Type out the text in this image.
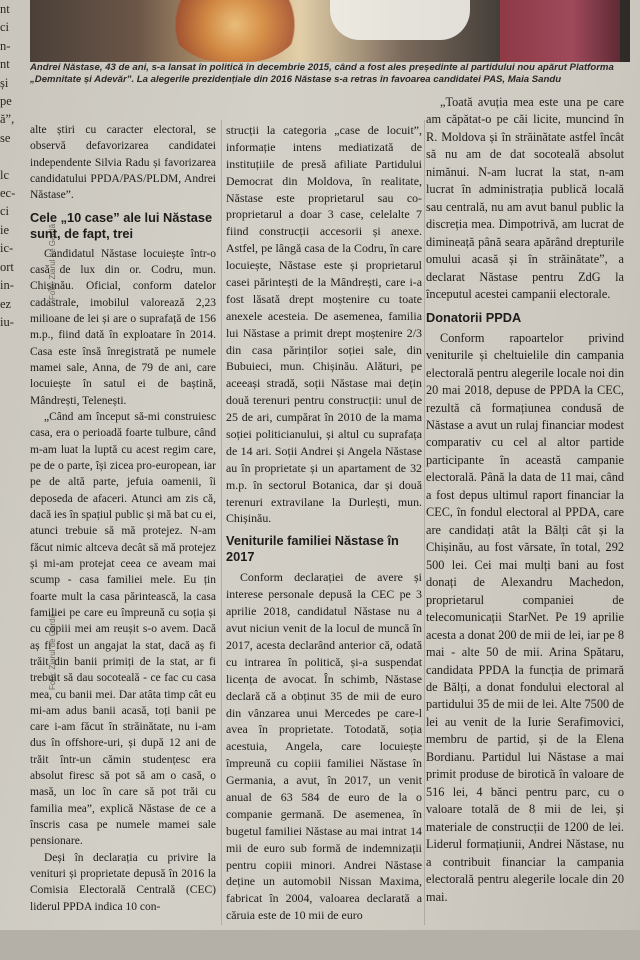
Andrei Năstase, 43 de ani, s-a lansat în politică în decembrie 2015, când a fost ales președinte al partidului nou apărut Platforma „Demnitate și Adevăr”. La alegerile prezidențiale din 2016 Năstase s-a retras în favoarea candidatei PAS, Maia Sandu
nt
ci
n-
nt
și
pe
ă”,
se

lc
ec-
ci
ie
ic-
ort
in-
ez
iu-
Foto: Ziarul de Gardă
Foto: Ziarul de Gardă

alte știri cu caracter electoral, se observă defavorizarea candidatei independente Silvia Radu și favorizarea candidatului PPDA/PAS/PLDM, Andrei Năstase”.

Cele „10 case” ale lui Năstase sunt, de fapt, trei

Candidatul Năstase locuiește într-o casă de lux din or. Codru, mun. Chișinău. Oficial, conform datelor cadastrale, imobilul valorează 2,23 milioane de lei și are o suprafață de 156 m.p., fiind dată în exploatare în 2014. Casa este însă înregistrată pe numele mamei sale, Anna, de 79 de ani, care locuiește în satul ei de baștină, Mândrești, Telenești.

„Când am început să-mi construiesc casa, era o perioadă foarte tulbure, când m-am luat la luptă cu acest regim care, pe de o parte, își zicea pro-european, iar pe de altă parte, jefuia oamenii, îi deposeda de afaceri. Atunci am zis că, dacă ies în spațiul public și mă bat cu ei, atunci trebuie să mă protejez. N-am făcut nimic altceva decât să mă protejez și mi-am protejat ceea ce aveam mai scump - casa familiei mele. Eu țin foarte mult la casa părintească, la casa familiei pe care eu împreună cu soția și cu copiii mei am reușit s-o avem. Dacă aș fi fost un angajat la stat, dacă aș fi trăit din banii primiți de la stat, ar fi trebuit să dau socoteală - ce fac cu casa mea, cu banii mei. Dar atâta timp cât eu mi-am adus banii acasă, toți banii pe care i-am făcut în străinătate, nu i-am dus în offshore-uri, și după 12 ani de trăit într-un cămin studențesc era absolut firesc să pot să am o casă, o masă, un loc în care să pot trăi cu familia mea”, explică Năstase de ce a înscris casa pe numele mamei sale pensionare.

Deși în declarația cu privire la venituri și proprietate depusă în 2016 la Comisia Electorală Centrală (CEC) liderul PPDA indica 10 con-

strucții la categoria „case de locuit”, informație intens mediatizată de instituțiile de presă afiliate Partidului Democrat din Moldova, în realitate, Năstase este proprietarul sau co-proprietarul a doar 3 case, celelalte 7 fiind construcții accesorii și anexe. Astfel, pe lângă casa de la Codru, în care locuiește, Năstase este și proprietarul casei părintești de la Mândrești, care i-a fost lăsată drept moștenire cu toate anexele acesteia. De asemenea, familia lui Năstase a primit drept moștenire 2/3 din casa părinților soției sale, din Bubuieci, mun. Chișinău. Alături, pe aceeași stradă, soții Năstase mai dețin două terenuri pentru construcții: unul de 25 de ari, cumpărat în 2010 de la mama soției politicianului, și altul cu suprafața de 14 ari. Soții Andrei și Angela Năstase au în proprietate și un apartament de 32 m.p. în sectorul Botanica, dar și două terenuri extravilane la Durlești, mun. Chișinău.

Veniturile familiei Năstase în 2017

Conform declarației de avere și interese personale depusă la CEC pe 3 aprilie 2018, candidatul Năstase nu a avut niciun venit de la locul de muncă în 2017, acesta declarând anterior că, odată cu intrarea în politică, și-a suspendat licența de avocat. În schimb, Năstase declară că a obținut 35 de mii de euro din vânzarea unui Mercedes pe care-l avea în proprietate. Totodată, soția acestuia, Angela, care locuiește împreună cu copiii familiei Năstase în Germania, a avut, în 2017, un venit anual de 63 584 de euro de la o companie germană. De asemenea, în bugetul familiei Năstase au mai intrat 14 mii de euro sub formă de indemnizații pentru copiii minori. Andrei Năstase deține un automobil Nissan Maxima, fabricat în 2004, valoarea declarată a căruia este de 10 mii de euro

„Toată avuția mea este una pe care am căpătat-o pe căi licite, muncind în R. Moldova și în străinătate astfel încât să nu am de dat socoteală absolut nimănui. N-am lucrat la stat, n-am lucrat în administrația publică locală sau centrală, nu am avut banul public la discreția mea. Dimpotrivă, am lucrat de dimineață până seara apărând drepturile omului acasă și în străinătate”, a declarat Năstase pentru ZdG la începutul acestei campanii electorale.

Donatorii PPDA

Conform rapoartelor privind veniturile și cheltuielile din campania electorală pentru alegerile locale noi din 20 mai 2018, depuse de PPDA la CEC, rezultă că formațiunea condusă de Năstase a avut un rulaj financiar modest comparativ cu cel al altor partide participante în această campanie electorală. Până la data de 11 mai, când a fost depus ultimul raport financiar la CEC, în fondul electoral al PPDA, care are candidați atât la Bălți cât și la Chișinău, au fost vărsate, în total, 292 500 lei. Cei mai mulți bani au fost donați de Alexandru Machedon, proprietarul companiei de telecomunicații StarNet. Pe 19 aprilie acesta a donat 200 de mii de lei, iar pe 8 mai - alte 50 de mii. Arina Spătaru, candidata PPDA la funcția de primară de Bălți, a donat fondului electoral al partidului 35 de mii de lei. Alte 7500 de lei au venit de la Iurie Serafimovici, membru de partid, și de la Elena Bordianu. Partidul lui Năstase a mai primit produse de birotică în valoare de 516 lei, 4 bănci pentru parc, cu o valoare totală de 8 mii de lei, și materiale de construcții de 1200 de lei. Liderul formațiunii, Andrei Năstase, nu a contribuit financiar la campania electorală pentru alegerile locale din 20 mai.
